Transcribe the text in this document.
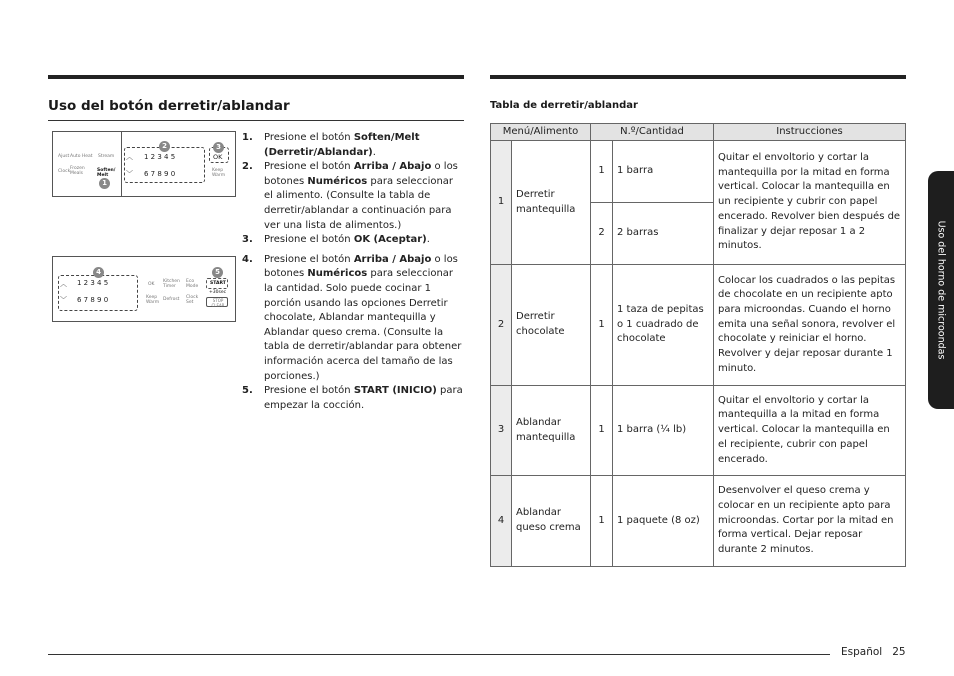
Uso del botón derretir/ablandar
Ajust Auto Heat Stream
Clock
Frozen Meals
Soften/ Melt
1
2
︿ 1 2 3 4 5
﹀ 6 7 8 9 0
3
OK
Keep Warm
4
︿ 1 2 3 4 5
﹀ 6 7 8 9 0
OK
Kitchen Timer
Eco Mode
Keep Warm
Defrost Clock Set
5
START
+30sec
STOP CLEAR
1.	Presione el botón Soften/Melt (Derretir/Ablandar).
2.	Presione el botón Arriba / Abajo o los botones Numéricos para seleccionar el alimento. (Consulte la tabla de derretir/ablandar a continuación para ver una lista de alimentos.)
3.	Presione el botón OK (Aceptar).
4.	Presione el botón Arriba / Abajo o los botones Numéricos para seleccionar la cantidad. Solo puede cocinar 1 porción usando las opciones Derretir chocolate, Ablandar mantequilla y Ablandar queso crema. (Consulte la tabla de derretir/ablandar para obtener información acerca del tamaño de las porciones.)
5.	Presione el botón START (INICIO) para empezar la cocción.
Tabla de derretir/ablandar
Menú/Alimento		N.º/Cantidad		Instrucciones
1	Derretir mantequilla	1	1 barra	Quitar el envoltorio y cortar la mantequilla por la mitad en forma vertical. Colocar la mantequilla en un recipiente y cubrir con papel encerado. Revolver bien después de finalizar y dejar reposar 1 a 2 minutos.
		2	2 barras	
2	Derretir chocolate	1	1 taza de pepitas o 1 cuadrado de chocolate	Colocar los cuadrados o las pepitas de chocolate en un recipiente apto para microondas. Cuando el horno emita una señal sonora, revolver el chocolate y reiniciar el horno. Revolver y dejar reposar durante 1 minuto.
3	Ablandar mantequilla	1	1 barra (¼ lb)	Quitar el envoltorio y cortar la mantequilla a la mitad en forma vertical. Colocar la mantequilla en el recipiente, cubrir con papel encerado.
4	Ablandar queso crema	1	1 paquete (8 oz)	Desenvolver el queso crema y colocar en un recipiente apto para microondas. Cortar por la mitad en forma vertical. Dejar reposar durante 2 minutos.
Uso del horno de microondas
Español 25
